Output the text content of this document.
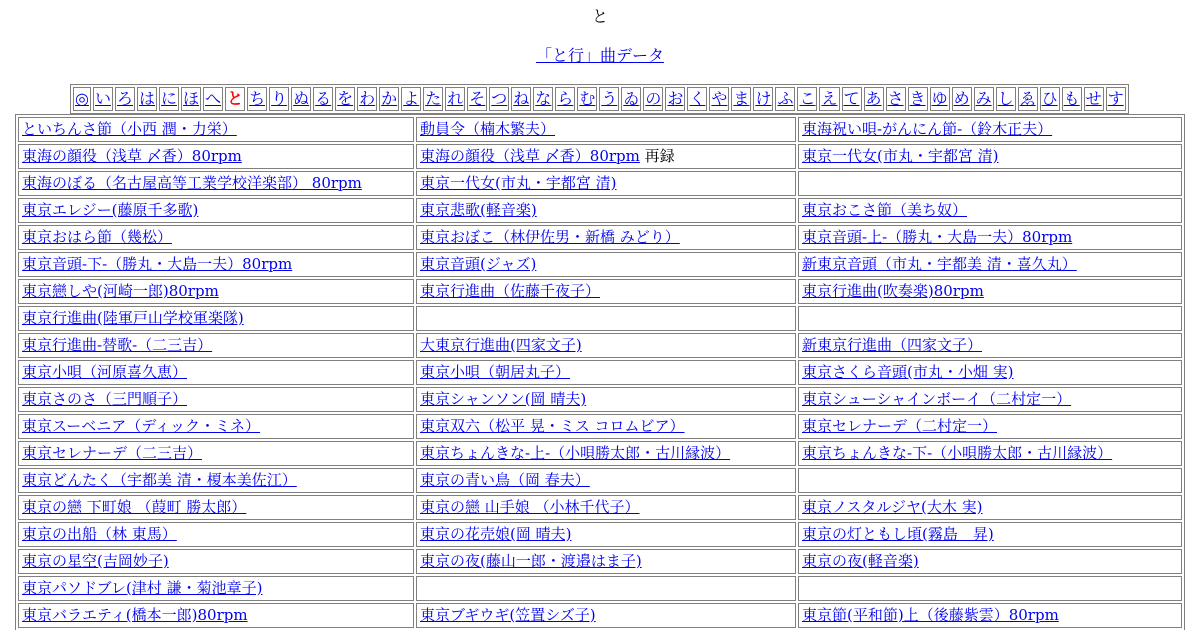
と
「と行」曲データ
◎	い	ろ	は	に	ほ	へ	と	ち	り	ぬ	る	を	わ	か	よ	た	れ	そ	つ	ね	な	ら	む	う	ゐ	の	お	く	や	ま	け	ふ	こ	え	て	あ	さ	き	ゆ	め	み	し	ゑ	ひ	も	せ	す
といちんさ節（小西 潤・力栄）	動員令（楠木繁夫）	東海祝い唄-がんにん節-（鈴木正夫）
東海の顔役（浅草 〆香）80rpm	東海の顔役（浅草 〆香）80rpm 再録	東京一代女(市丸・宇都宮 清)
東海のぼる（名古屋高等工業学校洋楽部） 80rpm	東京一代女(市丸・宇都宮 清)	
東京エレジー(藤原千多歌)	東京悲歌(軽音楽)	東京おこさ節（美ち奴）
東京おはら節（幾松）	東京おぼこ（林伊佐男・新橋 みどり）	東京音頭-上-（勝丸・大島一夫）80rpm
東京音頭-下-（勝丸・大島一夫）80rpm	東京音頭(ジャズ)	新東京音頭（市丸・宇都美 清・喜久丸）
東京戀しや(河崎一郎)80rpm	東京行進曲（佐藤千夜子）	東京行進曲(吹奏楽)80rpm
東京行進曲(陸軍戸山学校軍楽隊)		
東京行進曲-替歌-（二三吉）	大東京行進曲(四家文子)	新東京行進曲（四家文子）
東京小唄（河原喜久恵）	東京小唄（朝居丸子）	東京さくら音頭(市丸・小畑 実)
東京さのさ（三門順子）	東京シャンソン(岡 晴夫)	東京シューシャインボーイ（二村定一）
東京スーベニア（ディック・ミネ）	東京双六（松平 晃・ミス コロムビア）	東京セレナーデ（二村定一）
東京セレナーデ（二三吉）	東京ちょんきな-上-（小唄勝太郎・古川縁波）	東京ちょんきな-下-（小唄勝太郎・古川縁波）
東京どんたく（宇都美 清・榎本美佐江）	東京の青い鳥（岡 春夫）	
東京の戀 下町娘 （葭町 勝太郎）	東京の戀 山手娘 （小林千代子）	東京ノスタルジヤ(大木 実)
東京の出船（林 東馬）	東京の花売娘(岡 晴夫)	東京の灯ともし頃(霧島　昇)
東京の星空(吉岡妙子)	東京の夜(藤山一郎・渡邉はま子)	東京の夜(軽音楽)
東京パソドブレ(津村 謙・菊池章子)		
東京バラエティ(橋本一郎)80rpm	東京ブギウギ(笠置シズ子)	東京節(平和節)上（後藤紫雲）80rpm
